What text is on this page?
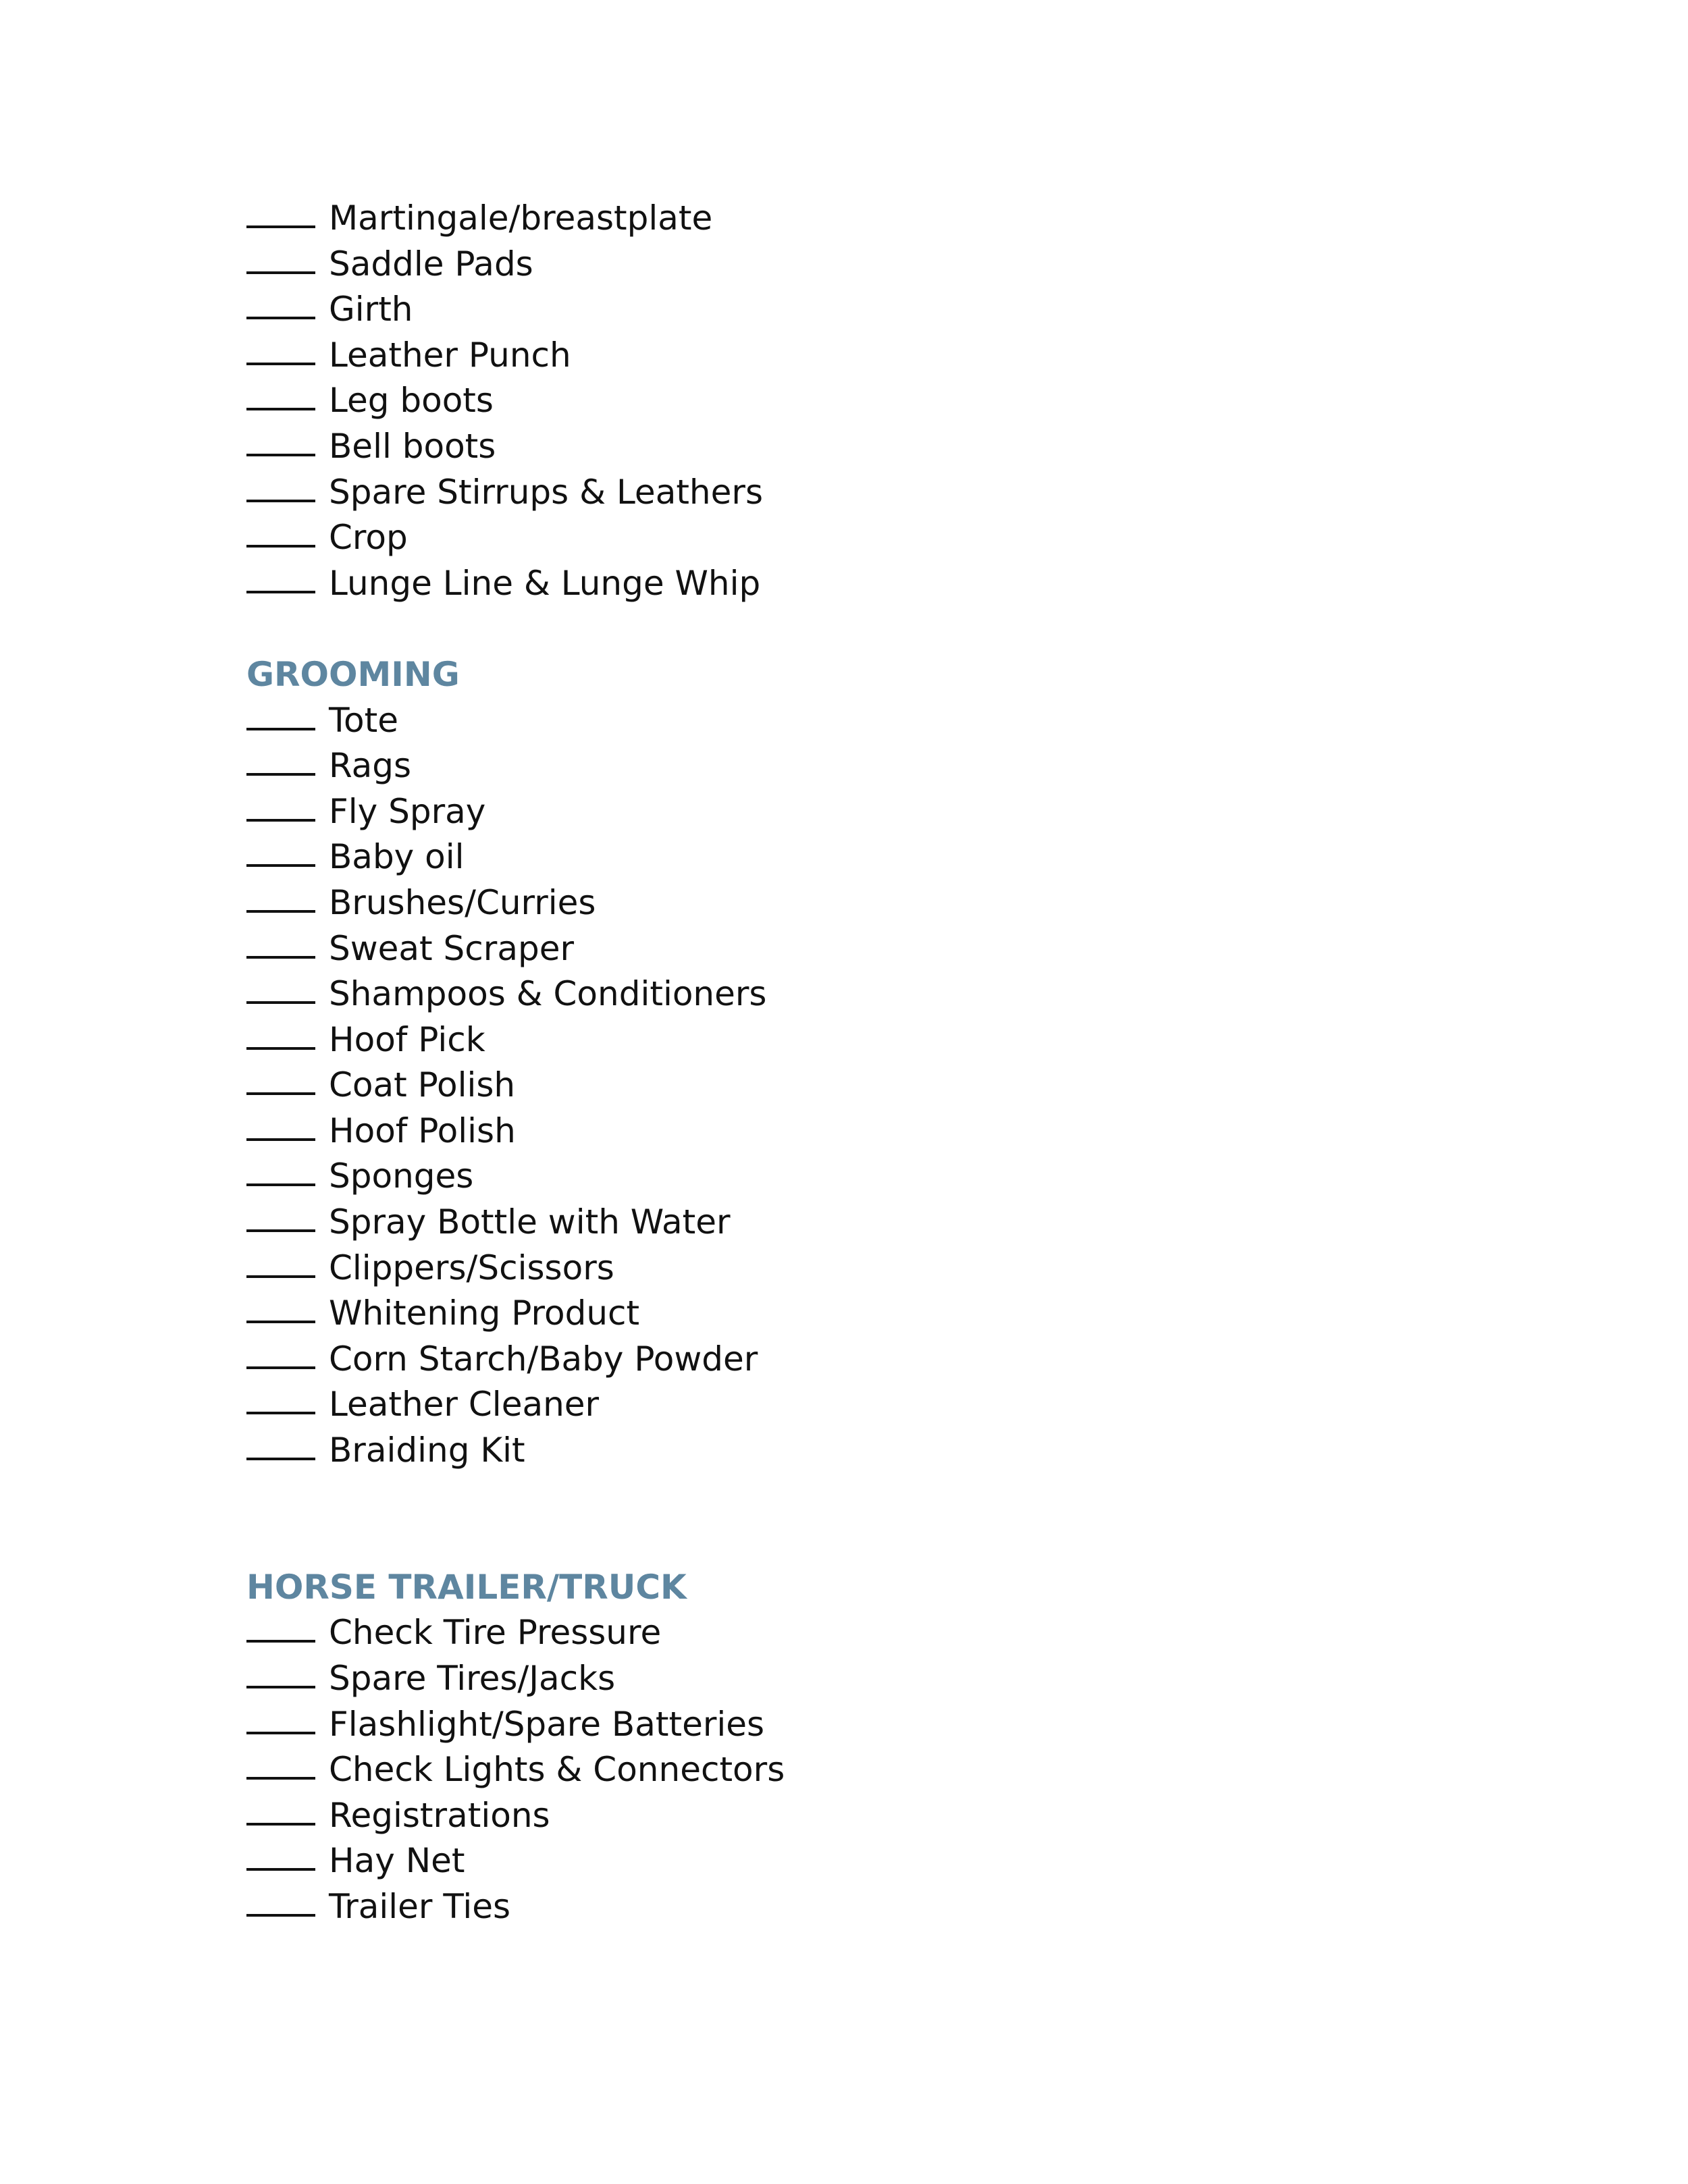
Martingale/breastplate
Saddle Pads
Girth
Leather Punch
Leg boots
Bell boots
Spare Stirrups & Leathers
Crop
Lunge Line & Lunge Whip
GROOMING
Tote
Rags
Fly Spray
Baby oil
Brushes/Curries
Sweat Scraper
Shampoos & Conditioners
Hoof Pick
Coat Polish
Hoof Polish
Sponges
Spray Bottle with Water
Clippers/Scissors
Whitening Product
Corn Starch/Baby Powder
Leather Cleaner
Braiding Kit
HORSE TRAILER/TRUCK
Check Tire Pressure
Spare Tires/Jacks
Flashlight/Spare Batteries
Check Lights & Connectors
Registrations
Hay Net
Trailer Ties
